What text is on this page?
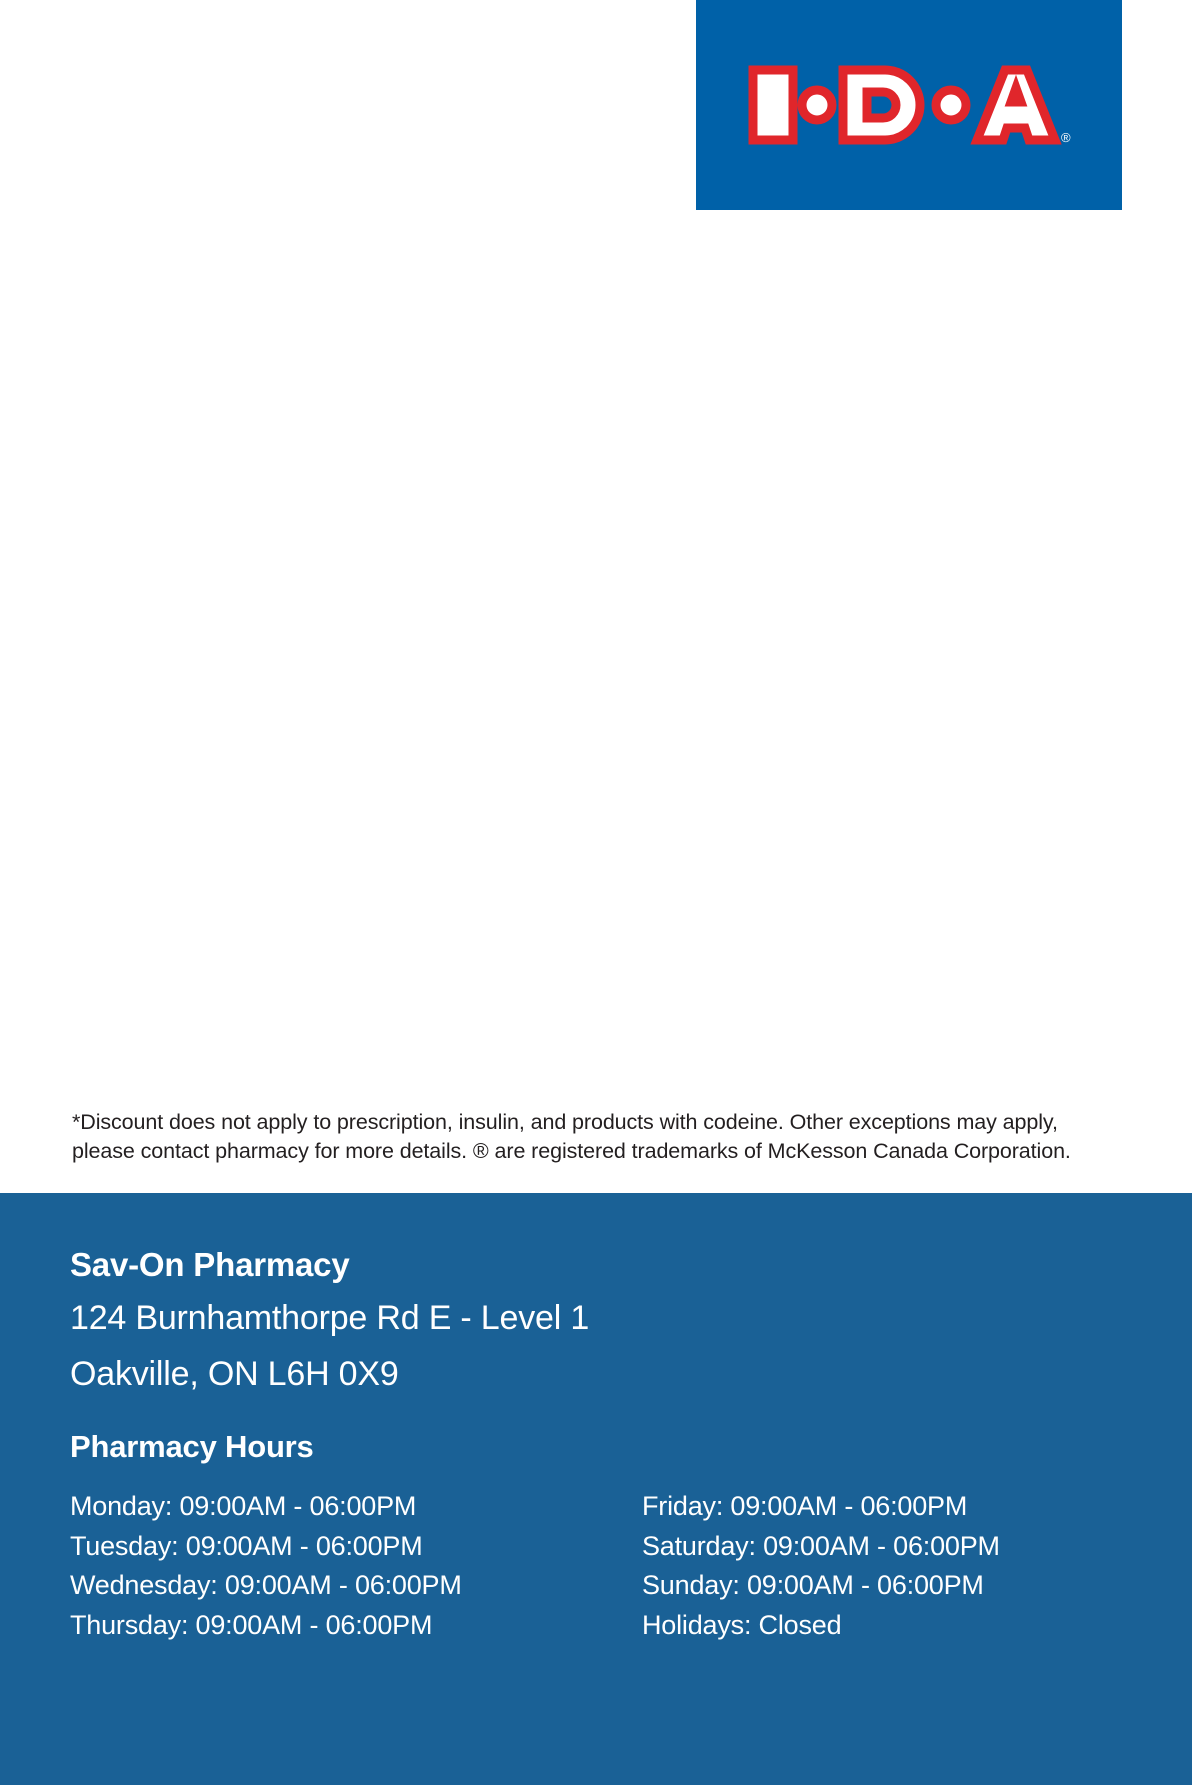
®
*Discount does not apply to prescription, insulin, and products with codeine. Other exceptions may apply,
please contact pharmacy for more details. ® are registered trademarks of McKesson Canada Corporation.
Sav-On Pharmacy
124 Burnhamthorpe Rd E - Level 1
Oakville, ON L6H 0X9
Pharmacy Hours
Monday: 09:00AM - 06:00PM
Tuesday: 09:00AM - 06:00PM
Wednesday: 09:00AM - 06:00PM
Thursday: 09:00AM - 06:00PM
Friday: 09:00AM - 06:00PM
Saturday: 09:00AM - 06:00PM
Sunday: 09:00AM - 06:00PM
Holidays: Closed
